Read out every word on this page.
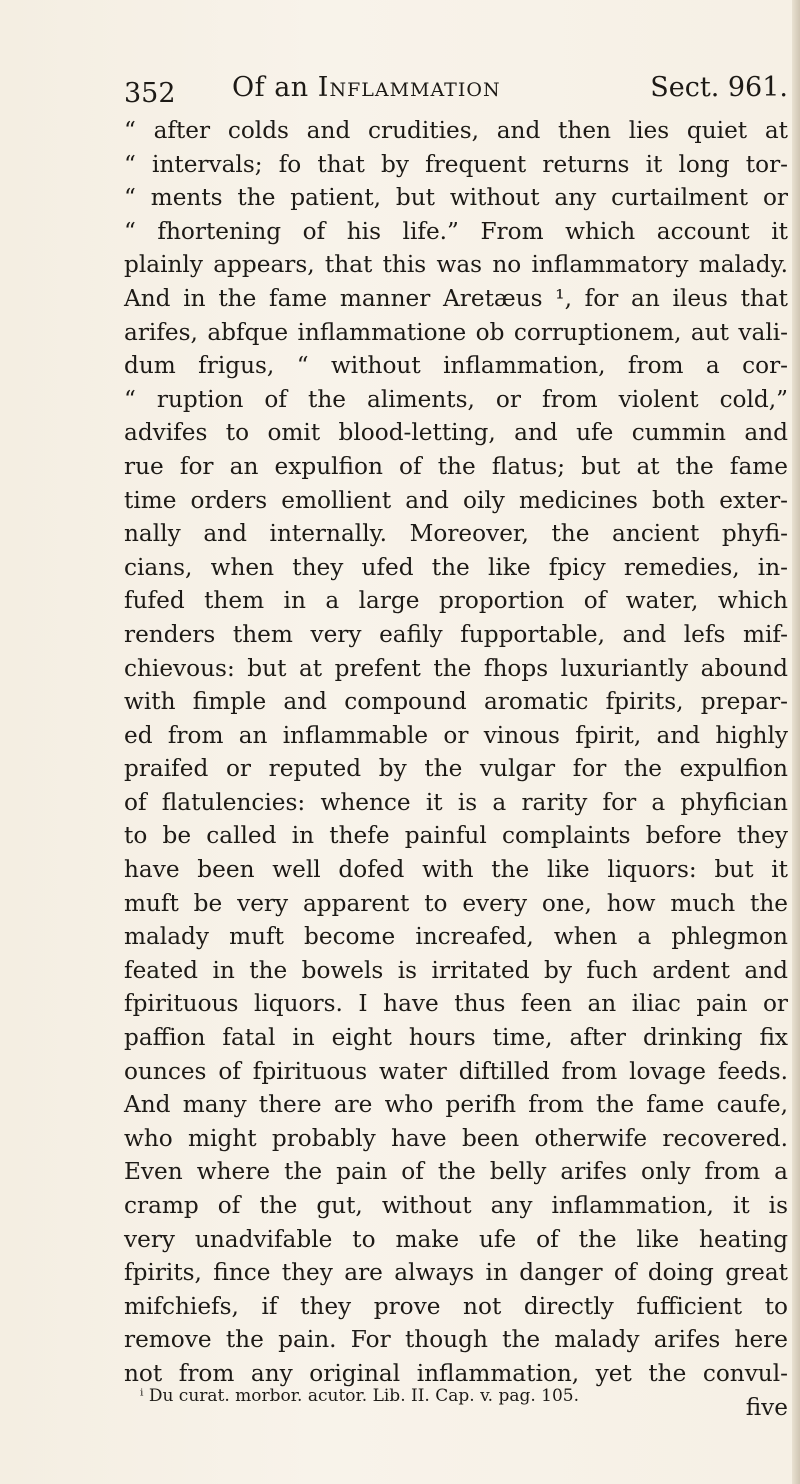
352 Of an Inflammation	Sect. 961.
“ after colds and crudities, and then lies quiet at
“ intervals; fo that by frequent returns it long tor-
“ ments the patient, but without any curtailment or
“ fhortening of his life.” From which account it
plainly appears, that this was no inflammatory malady.
And in the fame manner Aretæus ¹, for an ileus that
arifes, abfque inflammatione ob corruptionem, aut vali-
dum frigus, “ without inflammation, from a cor-
“ ruption of the aliments, or from violent cold,”
advifes to omit blood-letting, and ufe cummin and
rue for an expulfion of the flatus; but at the fame
time orders emollient and oily medicines both exter-
nally and internally. Moreover, the ancient phyfi-
cians, when they ufed the like fpicy remedies, in-
fufed them in a large proportion of water, which
renders them very eafily fupportable, and lefs mif-
chievous: but at prefent the fhops luxuriantly abound
with fimple and compound aromatic fpirits, prepar-
ed from an inflammable or vinous fpirit, and highly
praifed or reputed by the vulgar for the expulfion
of flatulencies: whence it is a rarity for a phyfician
to be called in thefe painful complaints before they
have been well dofed with the like liquors: but it
muft be very apparent to every one, how much the
malady muft become increafed, when a phlegmon
feated in the bowels is irritated by fuch ardent and
fpirituous liquors. I have thus feen an iliac pain or
paffion fatal in eight hours time, after drinking fix
ounces of fpirituous water diftilled from lovage feeds.
And many there are who perifh from the fame caufe,
who might probably have been otherwife recovered.
Even where the pain of the belly arifes only from a
cramp of the gut, without any inflammation, it is
very unadvifable to make ufe of the like heating
fpirits, fince they are always in danger of doing great
mifchiefs, if they prove not directly fufficient to
remove the pain. For though the malady arifes here
not from any original inflammation, yet the convul-
five
ⁱ Du curat. morbor. acutor. Lib. II. Cap. v. pag. 105.
